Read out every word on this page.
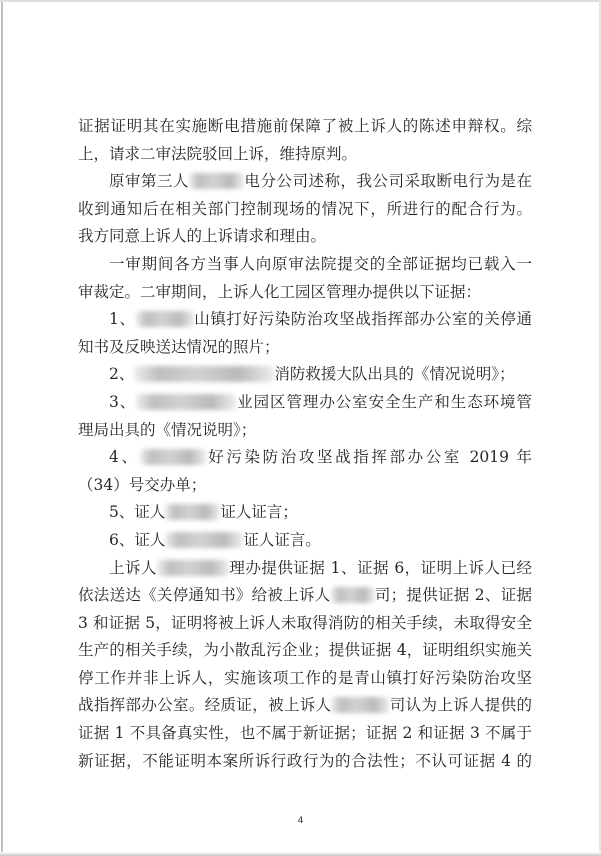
证据证明其在实施断电措施前保障了被上诉人的陈述申辩权。综
上，请求二审法院驳回上诉，维持原判。
原审第三人	电分公司述称，我公司采取断电行为是在
收到通知后在相关部门控制现场的情况下，所进行的配合行为。
我方同意上诉人的上诉请求和理由。
一审期间各方当事人向原审法院提交的全部证据均已载入一
审裁定。二审期间，上诉人化工园区管理办提供以下证据：
1、	山镇打好污染防治攻坚战指挥部办公室的关停通
知书及反映送达情况的照片；
2、	消防救援大队出具的《情况说明》；
3、	业园区管理办公室安全生产和生态环境管
理局出具的《情况说明》；
4、	好污染防治攻坚战指挥部办公室 2019 年
（34）号交办单；
5、证人	证人证言；
6、证人	证人证言。
上诉人	理办提供证据 1、证据 6，证明上诉人已经
依法送达《关停通知书》给被上诉人	司；提供证据 2、证据
3 和证据 5，证明将被上诉人未取得消防的相关手续，未取得安全
生产的相关手续，为小散乱污企业；提供证据 4，证明组织实施关
停工作并非上诉人，实施该项工作的是青山镇打好污染防治攻坚
战指挥部办公室。经质证，被上诉人	司认为上诉人提供的
证据 1 不具备真实性，也不属于新证据；证据 2 和证据 3 不属于
新证据，不能证明本案所诉行政行为的合法性；不认可证据 4 的
4
